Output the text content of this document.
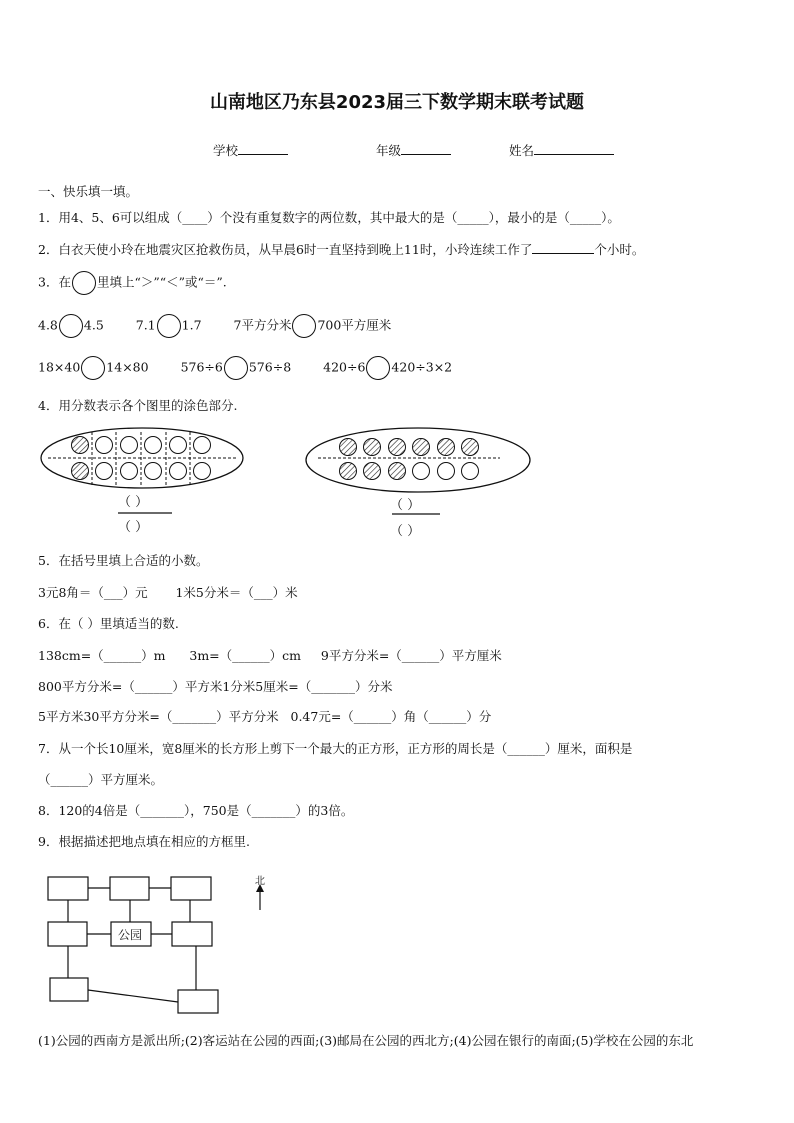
山南地区乃东县2023届三下数学期末联考试题
学校	年级	姓名
一、快乐填一填。
1．用4、5、6可以组成（____）个没有重复数字的两位数，其中最大的是（_____），最小的是（_____）。
2．白衣天使小玲在地震灾区抢救伤员，从早晨6时一直坚持到晚上11时，小玲连续工作了	个小时。
3．在 里填上“＞”“＜”或“＝”.
4.8 4.5	7.1 1.7	7平方分米 700平方厘米
18×40 14×80	576÷6 576÷8	420÷6 420÷3×2
4．用分数表示各个图里的涂色部分.
（ ）
（ ）
（ ）
（ ）
5．在括号里填上合适的小数。
3元8角＝（___）元       1米5分米＝（___）米
6．在（ ）里填适当的数.
138cm=（______）m      3m=（______）cm     9平方分米=（______）平方厘米
800平方分米=（______）平方米1分米5厘米=（_______）分米
5平方米30平方分米=（_______）平方分米   0.47元=（______）角（______）分
7．从一个长10厘米，宽8厘米的长方形上剪下一个最大的正方形，正方形的周长是（______）厘米，面积是
（______）平方厘米。
8．120的4倍是（_______），750是（_______）的3倍。
9．根据描述把地点填在相应的方框里.
公园
北
(1)公园的西南方是派出所;(2)客运站在公园的西面;(3)邮局在公园的西北方;(4)公园在银行的南面;(5)学校在公园的东北
